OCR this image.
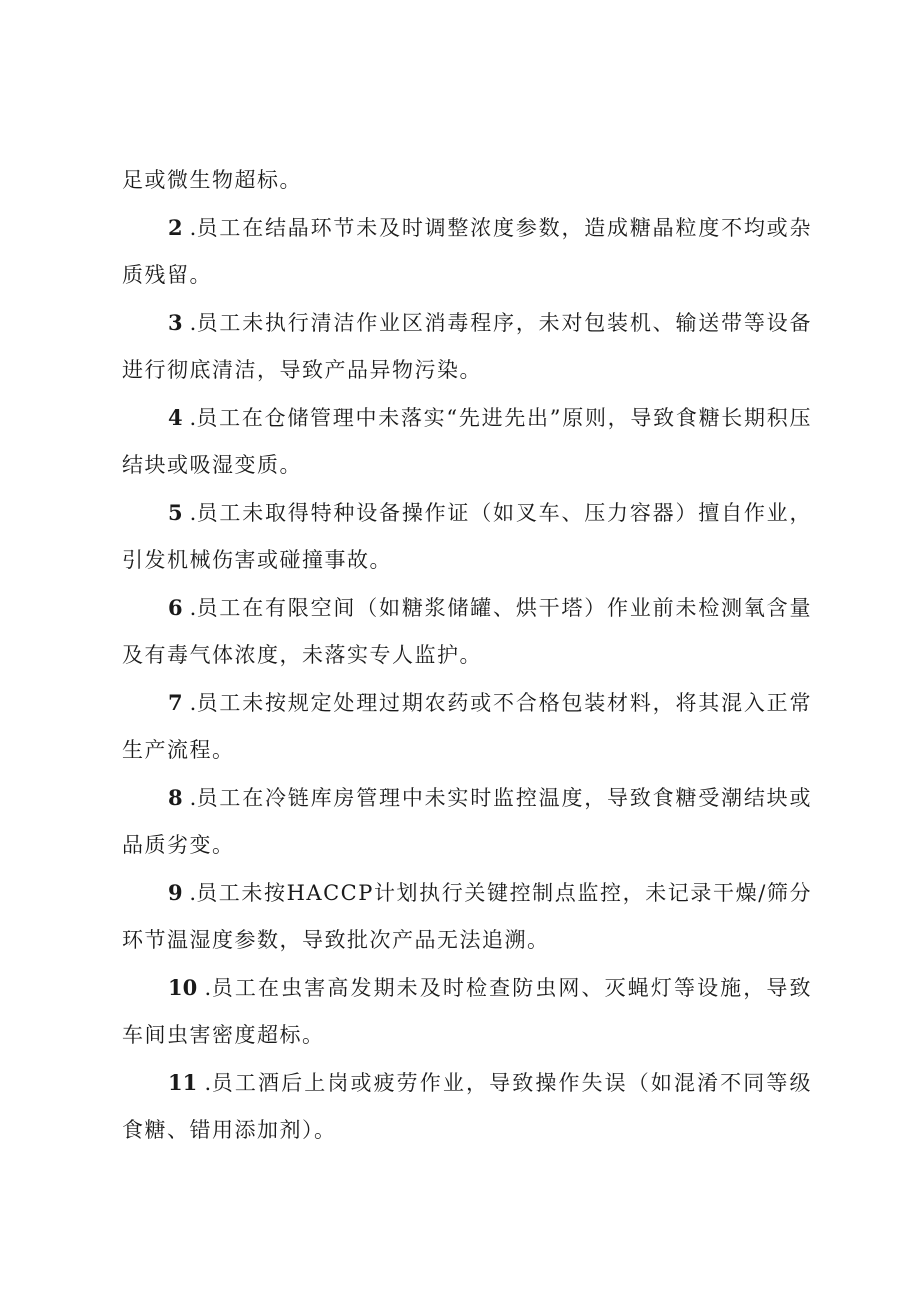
足或微生物超标。

2 .员工在结晶环节未及时调整浓度参数，造成糖晶粒度不均或杂质残留。

3 .员工未执行清洁作业区消毒程序，未对包装机、输送带等设备进行彻底清洁，导致产品异物污染。

4 .员工在仓储管理中未落实“先进先出”原则，导致食糖长期积压结块或吸湿变质。

5 .员工未取得特种设备操作证（如叉车、压力容器）擅自作业，引发机械伤害或碰撞事故。

6 .员工在有限空间（如糖浆储罐、烘干塔）作业前未检测氧含量及有毒气体浓度，未落实专人监护。

7 .员工未按规定处理过期农药或不合格包装材料，将其混入正常生产流程。

8 .员工在冷链库房管理中未实时监控温度，导致食糖受潮结块或品质劣变。

9 .员工未按HACCP计划执行关键控制点监控，未记录干燥/筛分环节温湿度参数，导致批次产品无法追溯。

10 .员工在虫害高发期未及时检查防虫网、灭蝇灯等设施，导致车间虫害密度超标。

11 .员工酒后上岗或疲劳作业，导致操作失误（如混淆不同等级食糖、错用添加剂）。
